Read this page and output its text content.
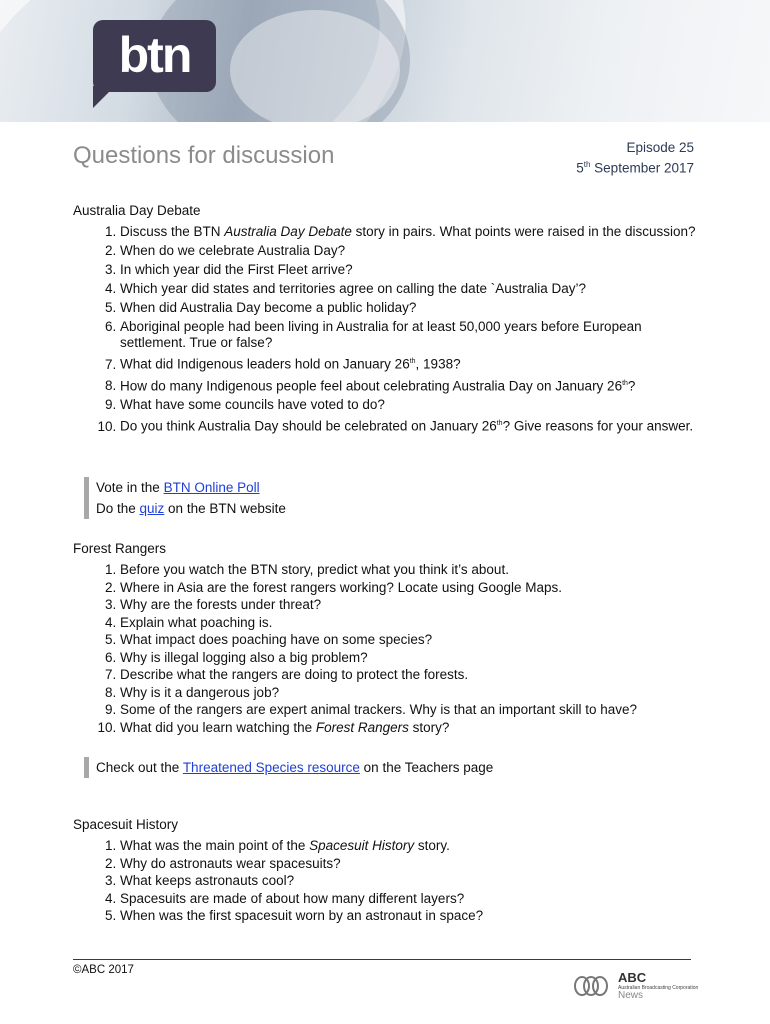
btn
Questions for discussion	Episode 25
5th September 2017
Australia Day Debate
1. Discuss the BTN Australia Day Debate story in pairs. What points were raised in the discussion?
2. When do we celebrate Australia Day?
3. In which year did the First Fleet arrive?
4. Which year did states and territories agree on calling the date `Australia Day’?
5. When did Australia Day become a public holiday?
6. Aboriginal people had been living in Australia for at least 50,000 years before European settlement. True or false?
7. What did Indigenous leaders hold on January 26th, 1938?
8. How do many Indigenous people feel about celebrating Australia Day on January 26th?
9. What have some councils have voted to do?
10. Do you think Australia Day should be celebrated on January 26th? Give reasons for your answer.
Vote in the BTN Online Poll
Do the quiz on the BTN website
Forest Rangers
1. Before you watch the BTN story, predict what you think it’s about.
2. Where in Asia are the forest rangers working? Locate using Google Maps.
3. Why are the forests under threat?
4. Explain what poaching is.
5. What impact does poaching have on some species?
6. Why is illegal logging also a big problem?
7. Describe what the rangers are doing to protect the forests.
8. Why is it a dangerous job?
9. Some of the rangers are expert animal trackers. Why is that an important skill to have?
10. What did you learn watching the Forest Rangers story?
Check out the Threatened Species resource on the Teachers page
Spacesuit History
1. What was the main point of the Spacesuit History story.
2. Why do astronauts wear spacesuits?
3. What keeps astronauts cool?
4. Spacesuits are made of about how many different layers?
5. When was the first spacesuit worn by an astronaut in space?
©ABC 2017	ABC
Australian Broadcasting Corporation
News
